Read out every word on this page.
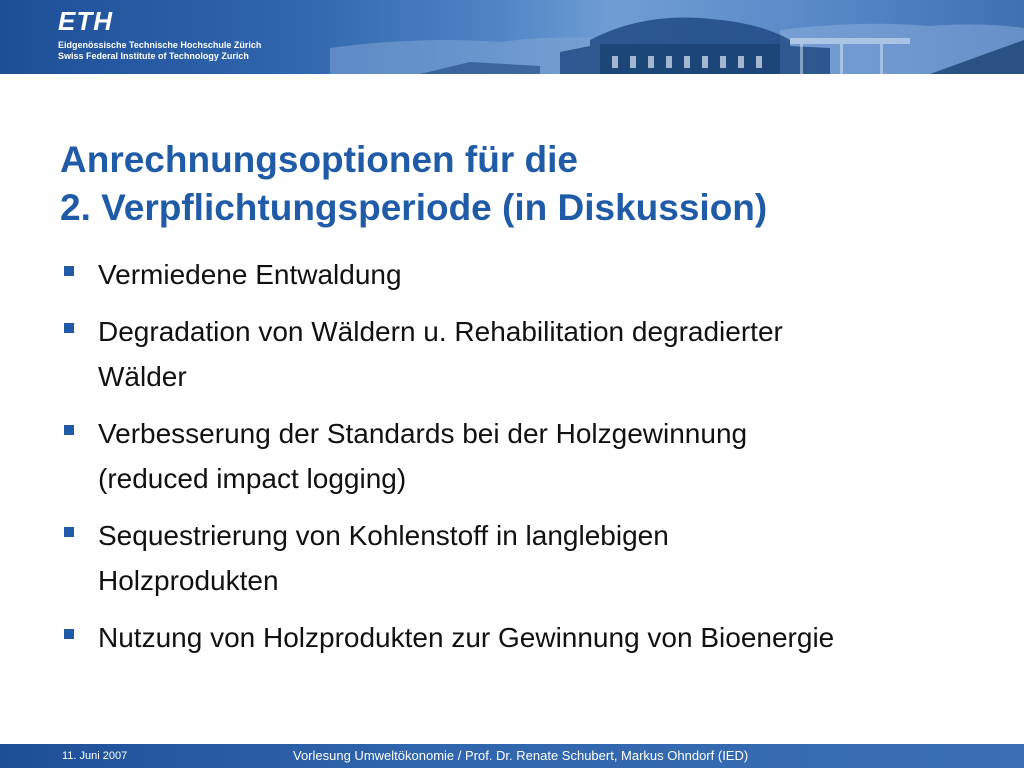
ETH
Eidgenössische Technische Hochschule Zürich
Swiss Federal Institute of Technology Zurich
Anrechnungsoptionen für die
2. Verpflichtungsperiode (in Diskussion)
Vermiedene Entwaldung
Degradation von Wäldern u. Rehabilitation degradierter
Wälder
Verbesserung der Standards bei der Holzgewinnung
(reduced impact logging)
Sequestrierung von Kohlenstoff in langlebigen
Holzprodukten
Nutzung von Holzprodukten zur Gewinnung von Bioenergie
11. Juni 2007	Vorlesung Umweltökonomie / Prof. Dr. Renate Schubert, Markus Ohndorf (IED)
